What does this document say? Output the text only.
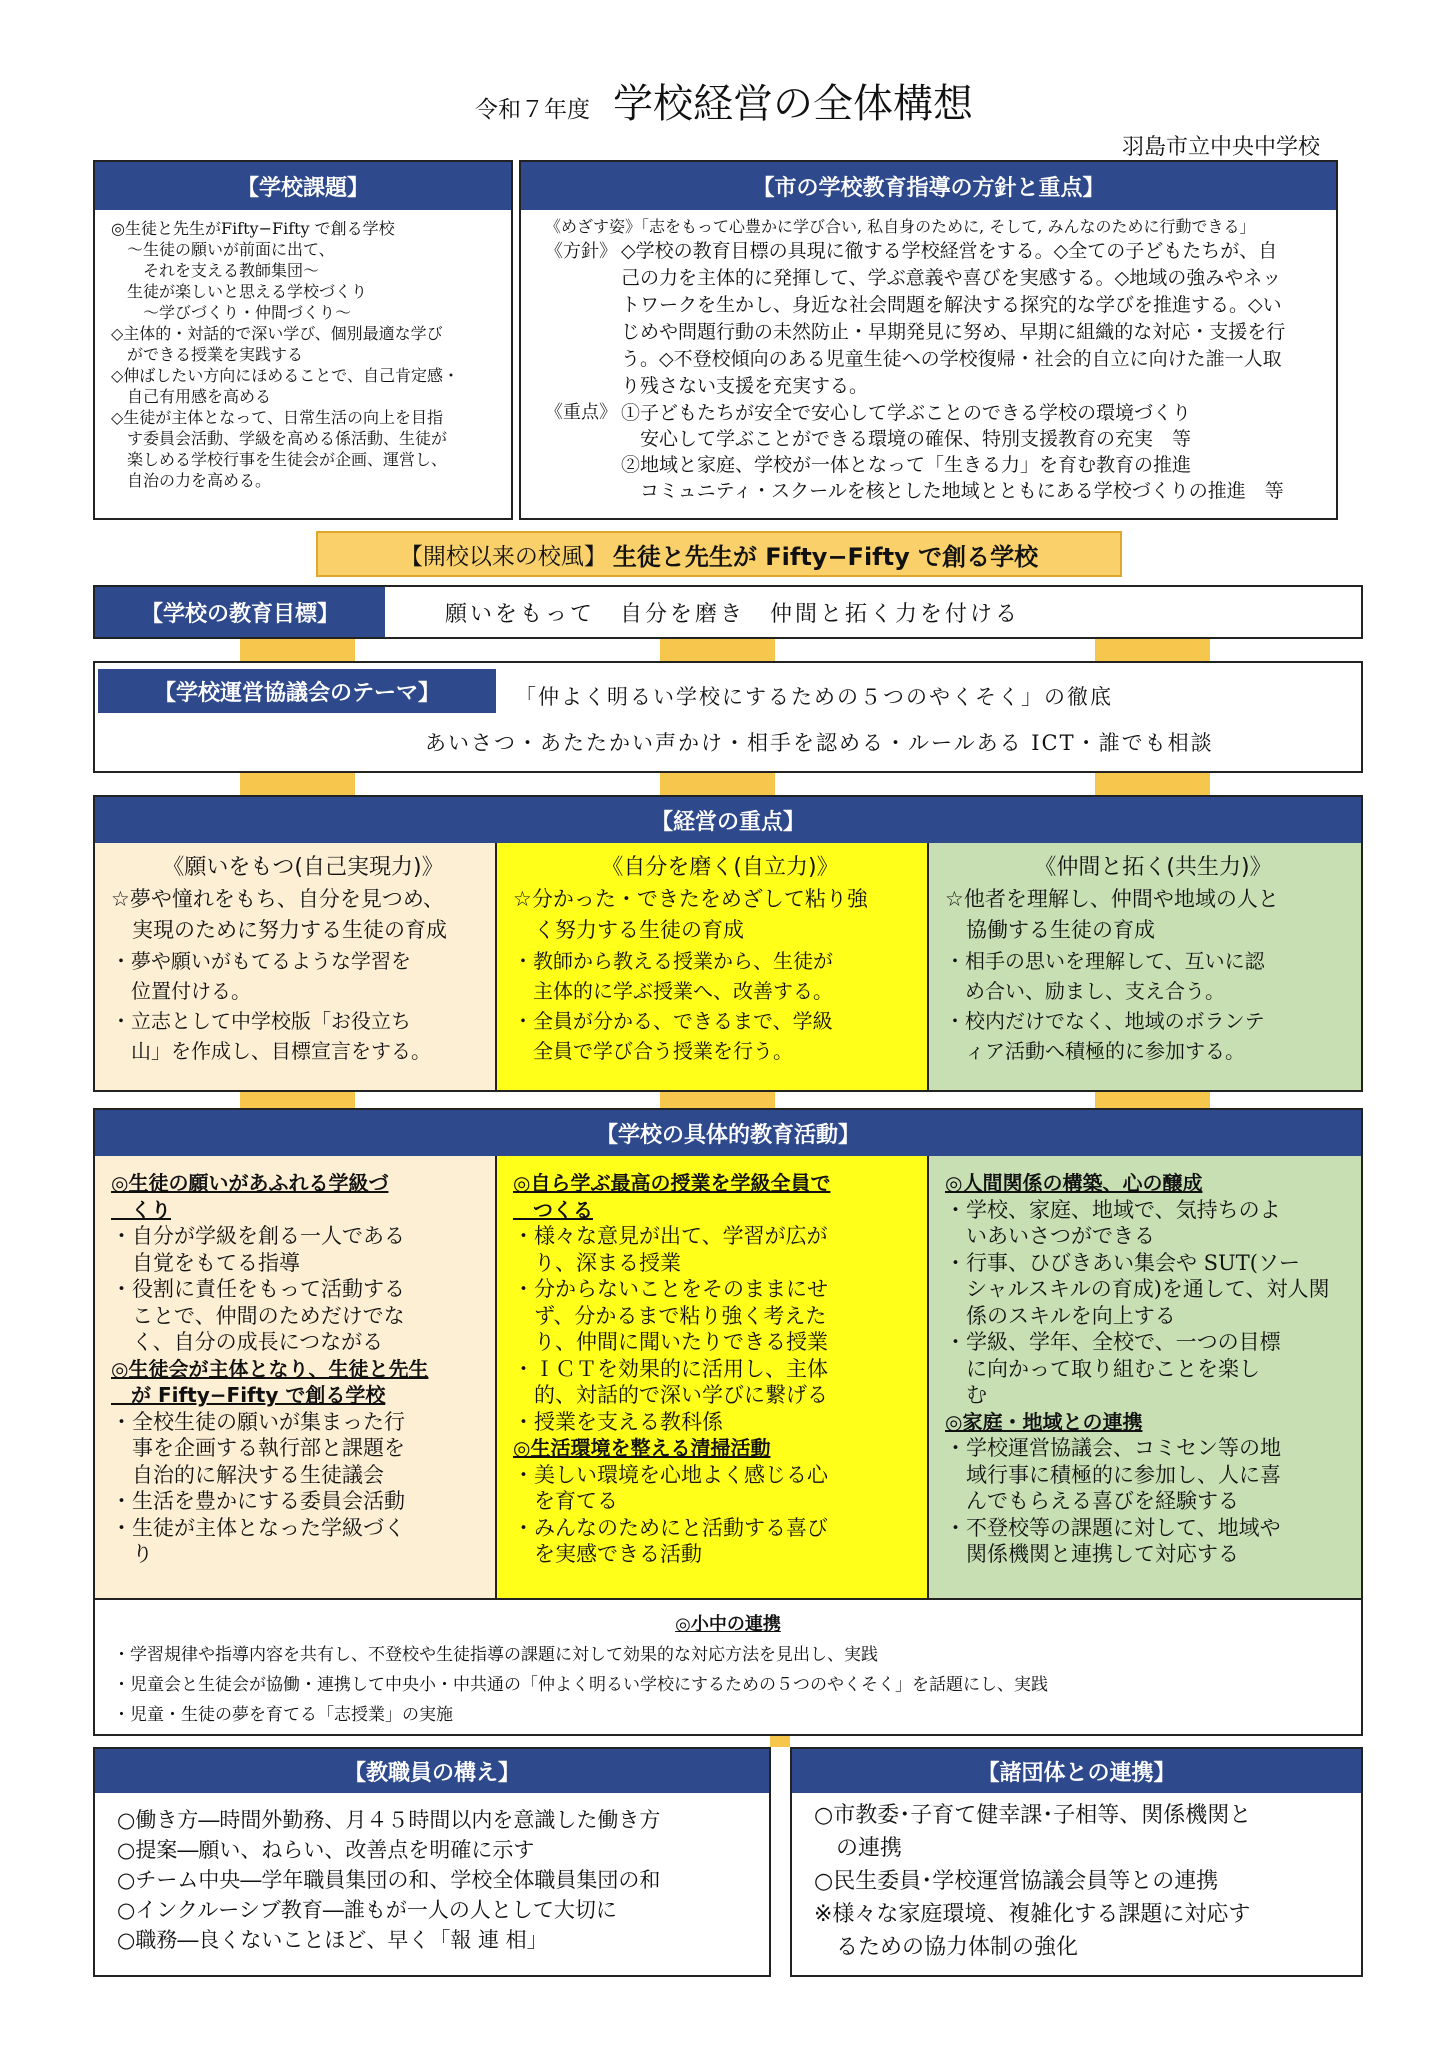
令和７年度 学校経営の全体構想
羽島市立中央中学校
【学校課題】
◎生徒と先生がFifty−Fifty で創る学校
　～生徒の願いが前面に出て、
　　それを支える教師集団～
　生徒が楽しいと思える学校づくり
　　～学びづくり・仲間づくり～
◇主体的・対話的で深い学び、個別最適な学び
　ができる授業を実践する
◇伸ばしたい方向にほめることで、自己肯定感・
　自己有用感を高める
◇生徒が主体となって、日常生活の向上を目指
　す委員会活動、学級を高める係活動、生徒が
　楽しめる学校行事を生徒会が企画、運営し、
　自治の力を高める。
【市の学校教育指導の方針と重点】
《めざす姿》「志をもって心豊かに学び合い, 私自身のために, そして, みんなのために行動できる」
《方針》 ◇学校の教育目標の具現に徹する学校経営をする。◇全ての子どもたちが、自
己の力を主体的に発揮して、学ぶ意義や喜びを実感する。◇地域の強みやネッ
トワークを生かし、身近な社会問題を解決する探究的な学びを推進する。◇い
じめや問題行動の未然防止・早期発見に努め、早期に組織的な対応・支援を行
う。◇不登校傾向のある児童生徒への学校復帰・社会的自立に向けた誰一人取
り残さない支援を充実する。
《重点》 ①子どもたちが安全で安心して学ぶことのできる学校の環境づくり
　安心して学ぶことができる環境の確保、特別支援教育の充実　等
②地域と家庭、学校が一体となって「生きる力」を育む教育の推進
　コミュニティ・スクールを核とした地域とともにある学校づくりの推進　等
【開校以来の校風】 生徒と先生が Fifty−Fifty で創る学校
【学校の教育目標】	願いをもって　自分を磨き　仲間と拓く力を付ける
【学校運営協議会のテーマ】	「仲よく明るい学校にするための５つのやくそく」の徹底
あいさつ・あたたかい声かけ・相手を認める・ルールある ICT・誰でも相談
【経営の重点】
《願いをもつ(自己実現力)》
☆夢や憧れをもち、自分を見つめ、
　実現のために努力する生徒の育成
・夢や願いがもてるような学習を
　位置付ける。
・立志として中学校版「お役立ち
　山」を作成し、目標宣言をする。
《自分を磨く(自立力)》
☆分かった・できたをめざして粘り強
　く努力する生徒の育成
・教師から教える授業から、生徒が
　主体的に学ぶ授業へ、改善する。
・全員が分かる、できるまで、学級
　全員で学び合う授業を行う。
《仲間と拓く(共生力)》
☆他者を理解し、仲間や地域の人と
　協働する生徒の育成
・相手の思いを理解して、互いに認
　め合い、励まし、支え合う。
・校内だけでなく、地域のボランテ
　ィア活動へ積極的に参加する。
【学校の具体的教育活動】
◎生徒の願いがあふれる学級づ
　くり
・自分が学級を創る一人である
　自覚をもてる指導
・役割に責任をもって活動する
　ことで、仲間のためだけでな
　く、自分の成長につながる
◎生徒会が主体となり、生徒と先生
　が Fifty−Fifty で創る学校
・全校生徒の願いが集まった行
　事を企画する執行部と課題を
　自治的に解決する生徒議会
・生活を豊かにする委員会活動
・生徒が主体となった学級づく
　り
◎自ら学ぶ最高の授業を学級全員で
　つくる
・様々な意見が出て、学習が広が
　り、深まる授業
・分からないことをそのままにせ
　ず、分かるまで粘り強く考えた
　り、仲間に聞いたりできる授業
・ＩＣＴを効果的に活用し、主体
　的、対話的で深い学びに繋げる
・授業を支える教科係
◎生活環境を整える清掃活動
・美しい環境を心地よく感じる心
　を育てる
・みんなのためにと活動する喜び
　を実感できる活動
◎人間関係の構築、心の醸成
・学校、家庭、地域で、気持ちのよ
　いあいさつができる
・行事、ひびきあい集会や SUT(ソー
　シャルスキルの育成)を通して、対人関
　係のスキルを向上する
・学級、学年、全校で、一つの目標
　に向かって取り組むことを楽し
　む
◎家庭・地域との連携
・学校運営協議会、コミセン等の地
　域行事に積極的に参加し、人に喜
　んでもらえる喜びを経験する
・不登校等の課題に対して、地域や
　関係機関と連携して対応する
◎小中の連携
・学習規律や指導内容を共有し、不登校や生徒指導の課題に対して効果的な対応方法を見出し、実践
・児童会と生徒会が協働・連携して中央小・中共通の「仲よく明るい学校にするための５つのやくそく」を話題にし、実践
・児童・生徒の夢を育てる「志授業」の実施
【教職員の構え】
○働き方―時間外勤務、月４５時間以内を意識した働き方
○提案―願い、ねらい、改善点を明確に示す
○チーム中央―学年職員集団の和、学校全体職員集団の和
○インクルーシブ教育―誰もが一人の人として大切に
○職務―良くないことほど、早く「報 連 相」
【諸団体との連携】
○市教委･子育て健幸課･子相等、関係機関と
　の連携
○民生委員･学校運営協議会員等との連携
※様々な家庭環境、複雑化する課題に対応す
　るための協力体制の強化
